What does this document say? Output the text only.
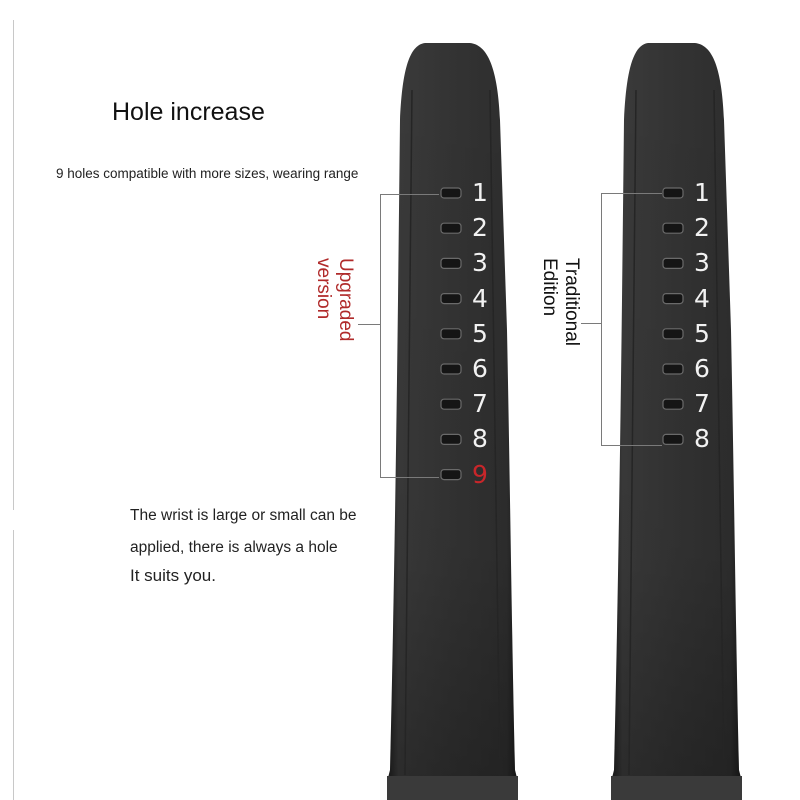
Hole increase
9 holes compatible with more sizes, wearing range
Upgraded version	Traditional Edition
1
2
3
4
5
6
7
8
9
1
2
3
4
5
6
7
8
The wrist is large or small can be
applied, there is always a hole
It suits you.
